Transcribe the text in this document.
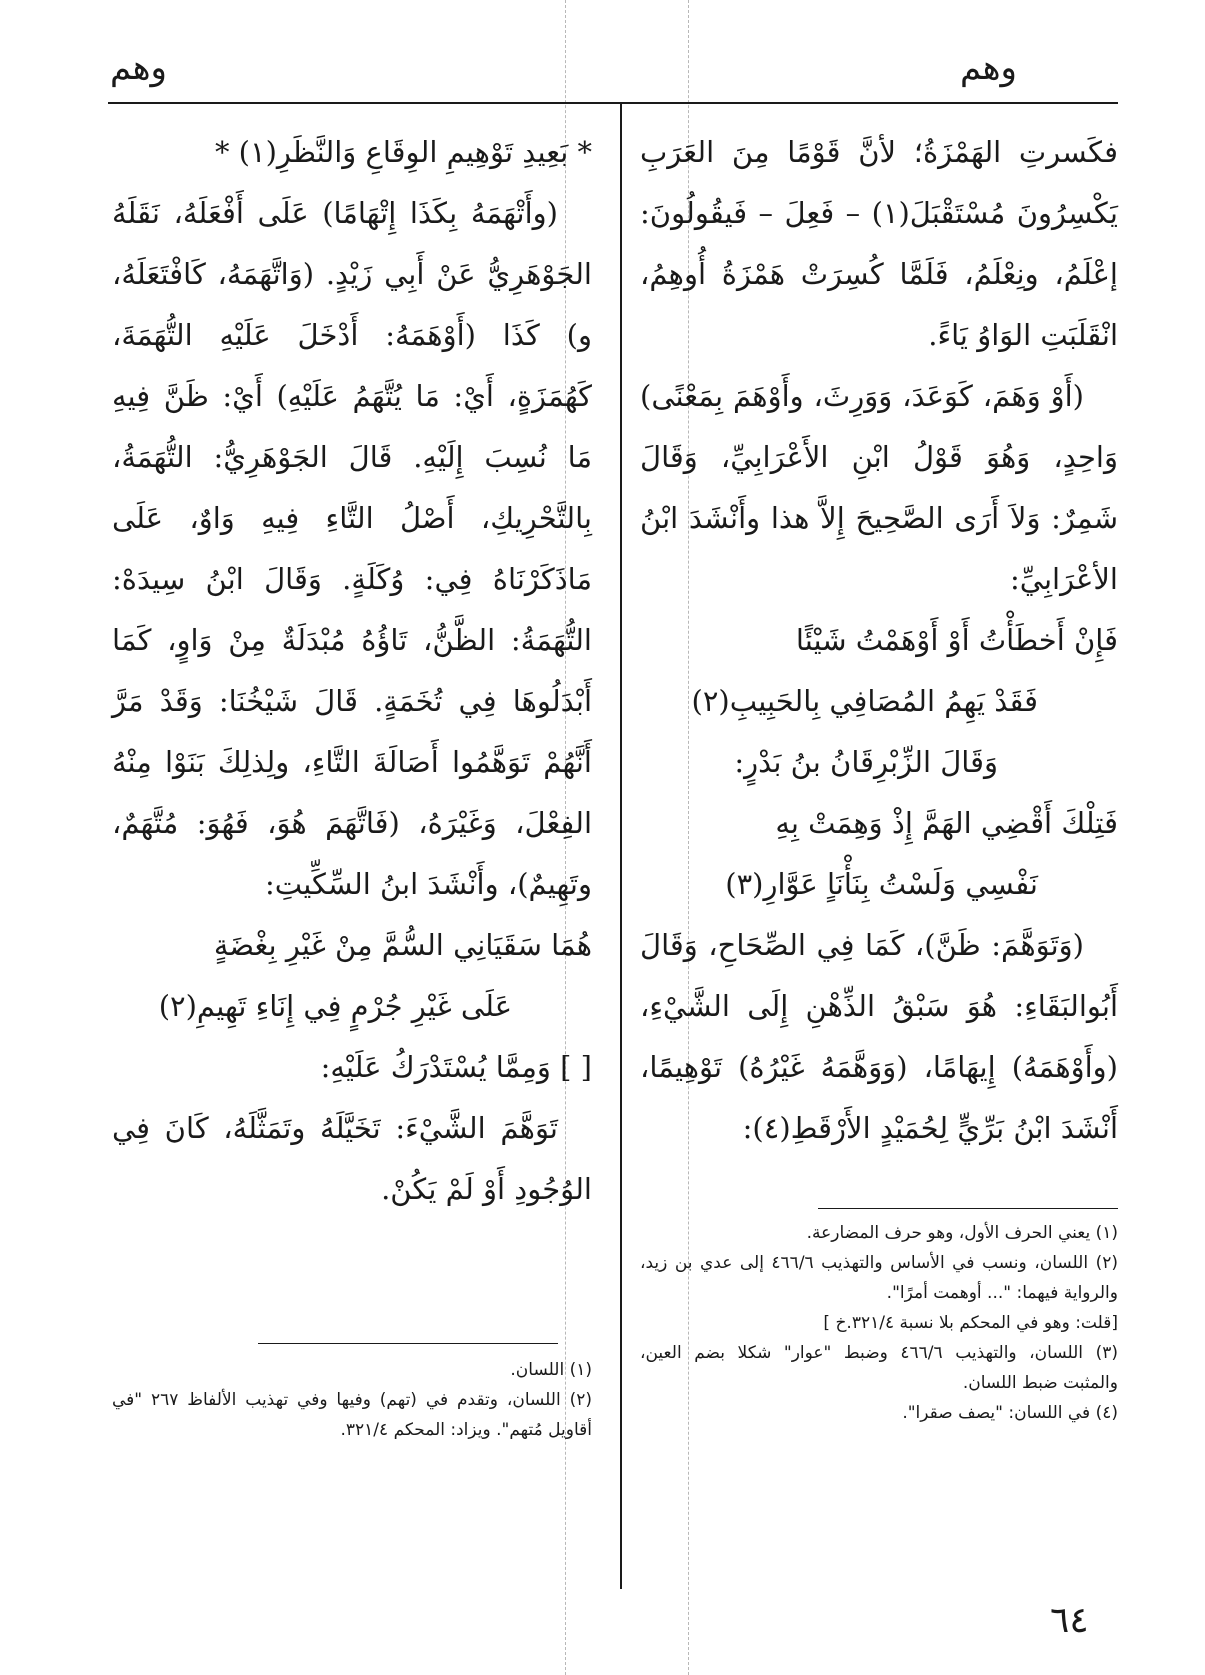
وهم
وهم

فكَسرتِ الهَمْزَةُ؛ لأنَّ قَوْمًا مِنَ العَرَبِ يَكْسِرُونَ مُسْتَقْبَلَ(١) – فَعِلَ – فَيقُولُونَ: إعْلَمُ، ونِعْلَمُ، فَلَمَّا كُسِرَتْ هَمْزَةُ أُوهِمُ، انْقَلَبَتِ الوَاوُ يَاءً.

(أَوْ وَهَمَ، كَوَعَدَ، وَوَرِثَ، وأَوْهَمَ بِمَعْنًى) وَاحِدٍ، وَهُوَ قَوْلُ ابْنِ الأَعْرَابِيِّ، وَقَالَ شَمِرٌ: وَلاَ أَرَى الصَّحِيحَ إِلاَّ هذا وأَنْشَدَ ابْنُ الأعْرَابِيِّ:

فَإِنْ أَخطَأْتُ أَوْ أَوْهَمْتُ شَيْئًا

فَقَدْ يَهِمُ المُصَافِي بِالحَبِيبِ(٢)

وَقَالَ الزِّبْرِقَانُ بنُ بَدْرٍ:

فَتِلْكَ أَقْضِي الهَمَّ إِذْ وَهِمَتْ بِهِ

نَفْسِي وَلَسْتُ بِنَأْنَاٍ عَوَّارِ(٣)

(وَتَوَهَّمَ: ظَنَّ)، كَمَا فِي الصِّحَاحِ، وَقَالَ أَبُوالبَقَاءِ: هُوَ سَبْقُ الذِّهْنِ إِلَى الشَّيْءِ، (وأَوْهَمَهُ) إِيهَامًا، (وَوَهَّمَهُ غَيْرُهُ) تَوْهِيمًا، أَنْشَدَ ابْنُ بَرِّيٍّ لِحُمَيْدٍ الأَرْقَطِ(٤):

* بَعِيدِ تَوْهِيمِ الوِقَاعِ وَالنَّظَرِ(١) *

(وأَتْهَمَهُ بِكَذَا إِتْهَامًا) عَلَى أَفْعَلَهُ، نَقَلَهُ الجَوْهَرِيُّ عَنْ أَبِي زَيْدٍ. (وَاتَّهَمَهُ، كَافْتَعَلَهُ، و) كَذَا (أَوْهَمَهُ: أَدْخَلَ عَلَيْهِ التُّهَمَةَ، كَهُمَزَةٍ، أَيْ: مَا يُتَّهَمُ عَلَيْهِ) أَيْ: ظَنَّ فِيهِ مَا نُسِبَ إِلَيْهِ. قَالَ الجَوْهَرِيُّ: التُّهَمَةُ، بِالتَّحْرِيكِ، أَصْلُ التَّاءِ فِيهِ وَاوٌ، عَلَى مَاذَكَرْنَاهُ فِي: وُكَلَةٍ. وَقَالَ ابْنُ سِيدَهْ: التُّهَمَةُ: الظَّنُّ، تَاؤُهُ مُبْدَلَةٌ مِنْ وَاوٍ، كَمَا أَبْدَلُوهَا فِي تُخَمَةٍ. قَالَ شَيْخُنَا: وَقَدْ مَرَّ أَنَّهُمْ تَوَهَّمُوا أَصَالَةَ التَّاءِ، ولِذلِكَ بَنَوْا مِنْهُ الفِعْلَ، وَغَيْرَهُ، (فَاتَّهَمَ هُوَ، فَهُوَ: مُتَّهَمٌ، وتَهِيمٌ)، وأَنْشَدَ ابنُ السِّكِّيتِ:

هُمَا سَقَيَانِي السُّمَّ مِنْ غَيْرِ بِغْضَةٍ

عَلَى غَيْرِ جُرْمٍ فِي إِنَاءِ تَهِيمِ(٢)

[ ] وَمِمَّا يُسْتَدْرَكُ عَلَيْهِ:

تَوَهَّمَ الشَّيْءَ: تَخَيَّلَهُ وتَمَثَّلَهُ، كَانَ فِي الوُجُودِ أَوْ لَمْ يَكُنْ.

(١) يعني الحرف الأول، وهو حرف المضارعة.

(٢) اللسان، ونسب في الأساس والتهذيب ٤٦٦/٦ إلى عدي بن زيد، والرواية فيهما: "... أوهمت أمرًا".

[قلت: وهو في المحكم بلا نسبة ٣٢١/٤.خ ]

(٣) اللسان، والتهذيب ٤٦٦/٦ وضبط "عوار" شكلا بضم العين، والمثبت ضبط اللسان.

(٤) في اللسان: "يصف صقرا".

(١) اللسان.

(٢) اللسان، وتقدم في (تهم) وفيها وفي تهذيب الألفاظ ٢٦٧ "في أقاويل مُتهم". ويزاد: المحكم ٣٢١/٤.

٦٤
